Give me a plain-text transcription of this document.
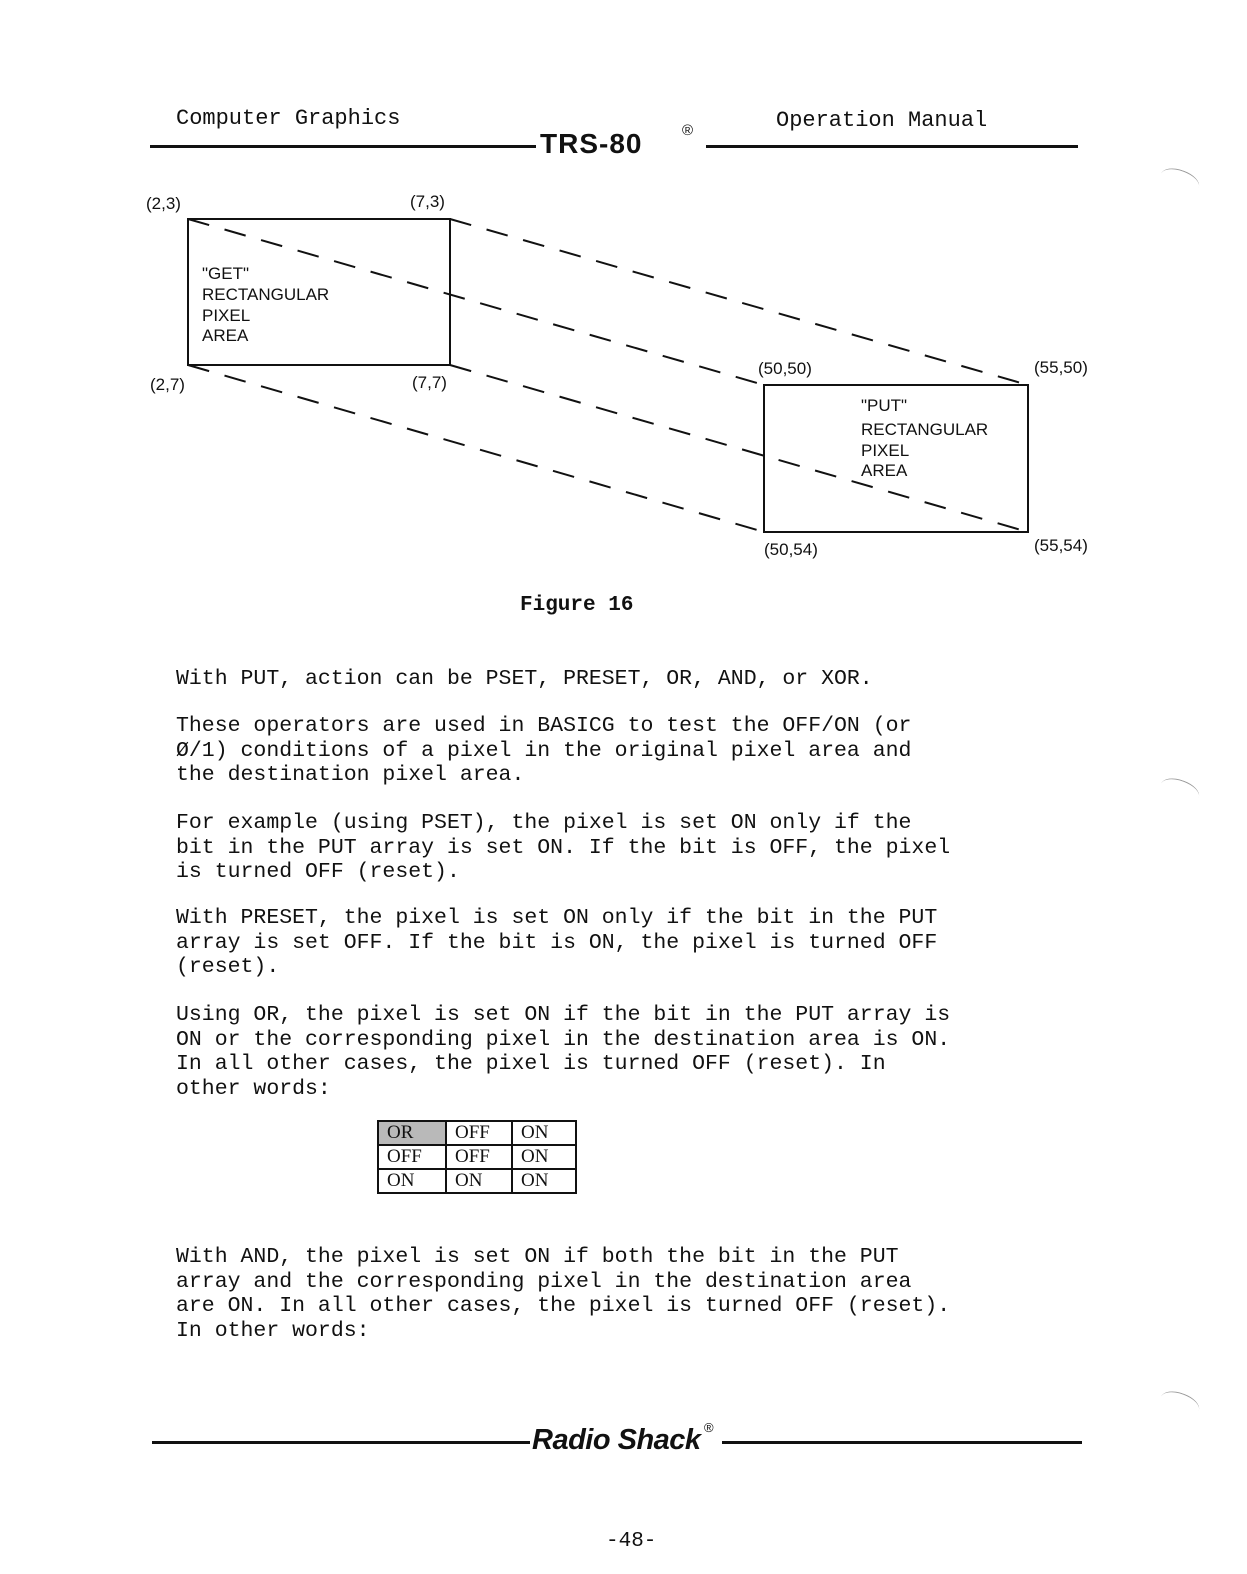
Computer Graphics	Operation Manual
TRS-80	®
"GET"
RECTANGULAR
PIXEL
AREA
(2,3)	(7,3)
(2,7)	(7,7)
"PUT"
RECTANGULAR
PIXEL
AREA
(50,50)	(55,50)
(50,54)	(55,54)
Figure 16

With PUT, action can be PSET, PRESET, OR, AND, or XOR.

These operators are used in BASICG to test the OFF/ON (or
Ø/1) conditions of a pixel in the original pixel area and
the destination pixel area.

For example (using PSET), the pixel is set ON only if the
bit in the PUT array is set ON. If the bit is OFF, the pixel
is turned OFF (reset).

With PRESET, the pixel is set ON only if the bit in the PUT
array is set OFF. If the bit is ON, the pixel is turned OFF
(reset).

Using OR, the pixel is set ON if the bit in the PUT array is
ON or the corresponding pixel in the destination area is ON.
In all other cases, the pixel is turned OFF (reset). In
other words:

OR	OFF	ON
OFF	OFF	ON
ON	ON	ON

With AND, the pixel is set ON if both the bit in the PUT
array and the corresponding pixel in the destination area
are ON. In all other cases, the pixel is turned OFF (reset).
In other words:

Radio Shack ®
-48-
